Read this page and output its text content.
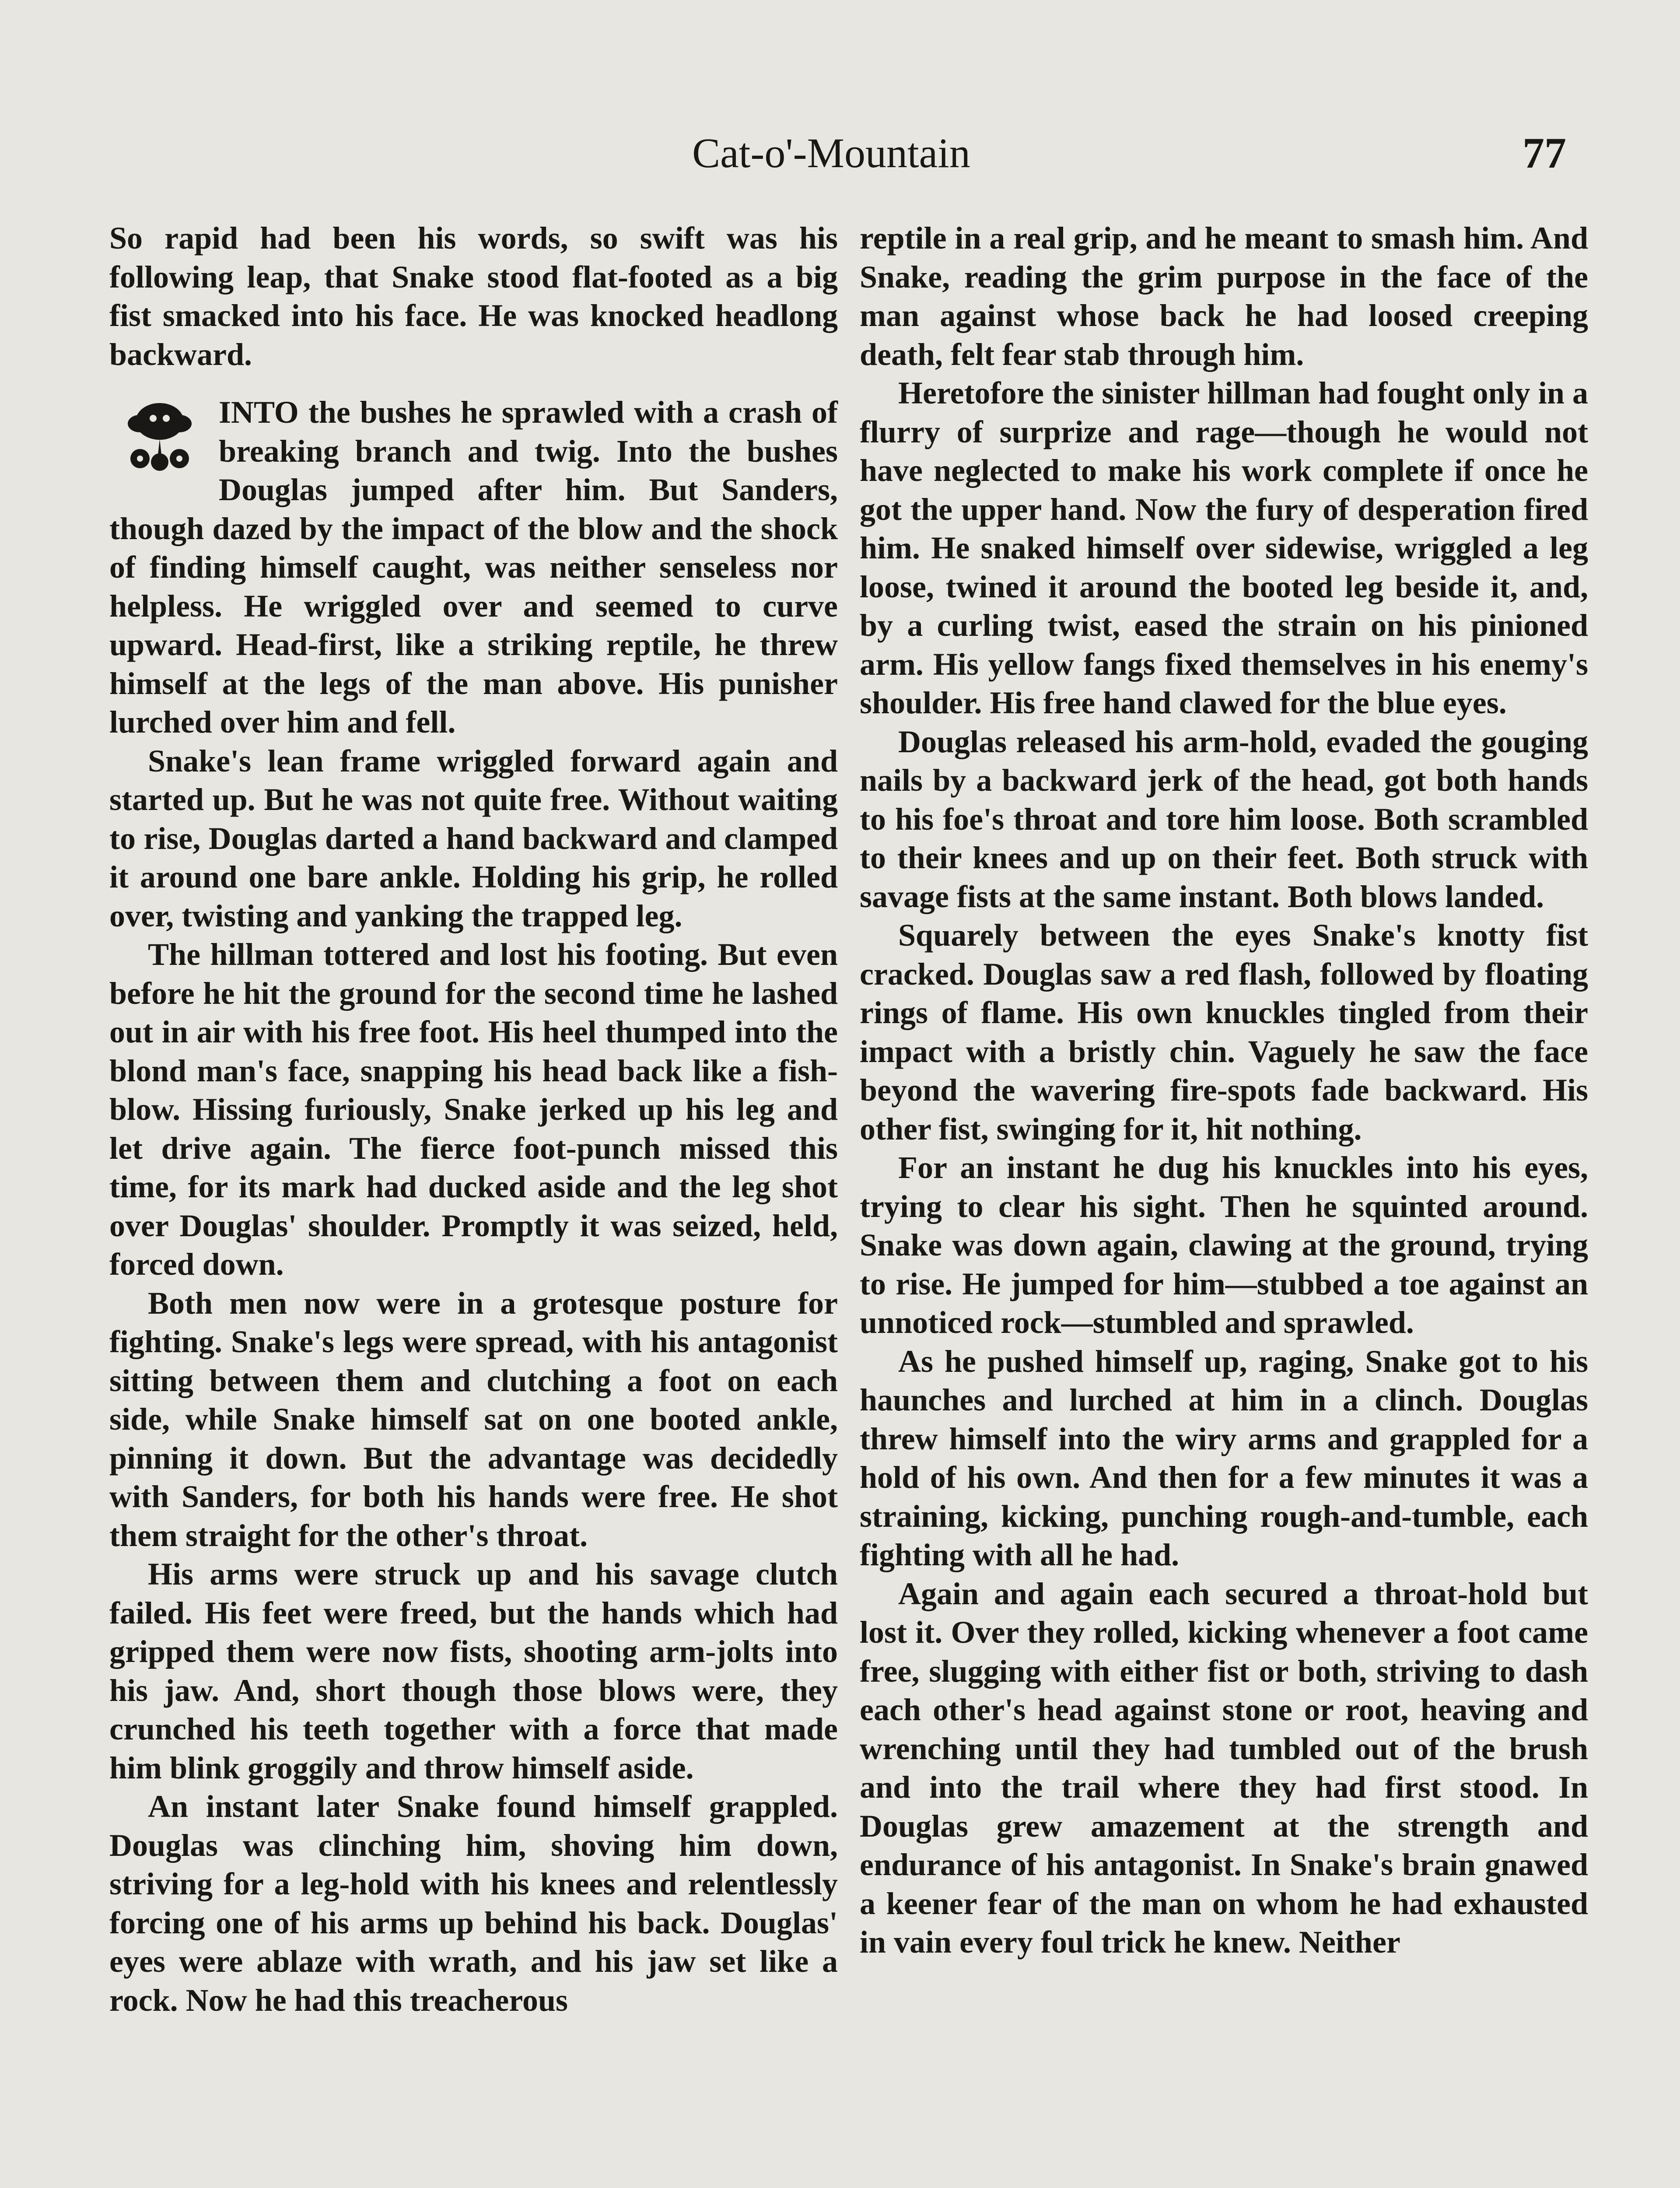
Cat-o'-Mountain	77

So rapid had been his words, so swift was his following leap, that Snake stood flat-footed as a big fist smacked into his face. He was knocked headlong backward.

INTO the bushes he sprawled with a crash of breaking branch and twig. Into the bushes Douglas jumped after him. But Sanders, though dazed by the impact of the blow and the shock of finding himself caught, was neither senseless nor helpless. He wriggled over and seemed to curve upward. Head-first, like a striking reptile, he threw himself at the legs of the man above. His punisher lurched over him and fell.

Snake's lean frame wriggled forward again and started up. But he was not quite free. Without waiting to rise, Douglas darted a hand backward and clamped it around one bare ankle. Holding his grip, he rolled over, twisting and yanking the trapped leg.

The hillman tottered and lost his footing. But even before he hit the ground for the second time he lashed out in air with his free foot. His heel thumped into the blond man's face, snapping his head back like a fish-blow. Hissing furiously, Snake jerked up his leg and let drive again. The fierce foot-punch missed this time, for its mark had ducked aside and the leg shot over Douglas' shoulder. Promptly it was seized, held, forced down.

Both men now were in a grotesque posture for fighting. Snake's legs were spread, with his antagonist sitting between them and clutching a foot on each side, while Snake himself sat on one booted ankle, pinning it down. But the advantage was decidedly with Sanders, for both his hands were free. He shot them straight for the other's throat.

His arms were struck up and his savage clutch failed. His feet were freed, but the hands which had gripped them were now fists, shooting arm-jolts into his jaw. And, short though those blows were, they crunched his teeth together with a force that made him blink groggily and throw himself aside.

An instant later Snake found himself grappled. Douglas was clinching him, shoving him down, striving for a leg-hold with his knees and relentlessly forcing one of his arms up behind his back. Douglas' eyes were ablaze with wrath, and his jaw set like a rock. Now he had this treacherous

reptile in a real grip, and he meant to smash him. And Snake, reading the grim purpose in the face of the man against whose back he had loosed creeping death, felt fear stab through him.

Heretofore the sinister hillman had fought only in a flurry of surprize and rage—though he would not have neglected to make his work complete if once he got the upper hand. Now the fury of desperation fired him. He snaked himself over sidewise, wriggled a leg loose, twined it around the booted leg beside it, and, by a curling twist, eased the strain on his pinioned arm. His yellow fangs fixed themselves in his enemy's shoulder. His free hand clawed for the blue eyes.

Douglas released his arm-hold, evaded the gouging nails by a backward jerk of the head, got both hands to his foe's throat and tore him loose. Both scrambled to their knees and up on their feet. Both struck with savage fists at the same instant. Both blows landed.

Squarely between the eyes Snake's knotty fist cracked. Douglas saw a red flash, followed by floating rings of flame. His own knuckles tingled from their impact with a bristly chin. Vaguely he saw the face beyond the wavering fire-spots fade backward. His other fist, swinging for it, hit nothing.

For an instant he dug his knuckles into his eyes, trying to clear his sight. Then he squinted around. Snake was down again, clawing at the ground, trying to rise. He jumped for him—stubbed a toe against an unnoticed rock—stumbled and sprawled.

As he pushed himself up, raging, Snake got to his haunches and lurched at him in a clinch. Douglas threw himself into the wiry arms and grappled for a hold of his own. And then for a few minutes it was a straining, kicking, punching rough-and-tumble, each fighting with all he had.

Again and again each secured a throat-hold but lost it. Over they rolled, kicking whenever a foot came free, slugging with either fist or both, striving to dash each other's head against stone or root, heaving and wrenching until they had tumbled out of the brush and into the trail where they had first stood. In Douglas grew amazement at the strength and endurance of his antagonist. In Snake's brain gnawed a keener fear of the man on whom he had exhausted in vain every foul trick he knew. Neither
